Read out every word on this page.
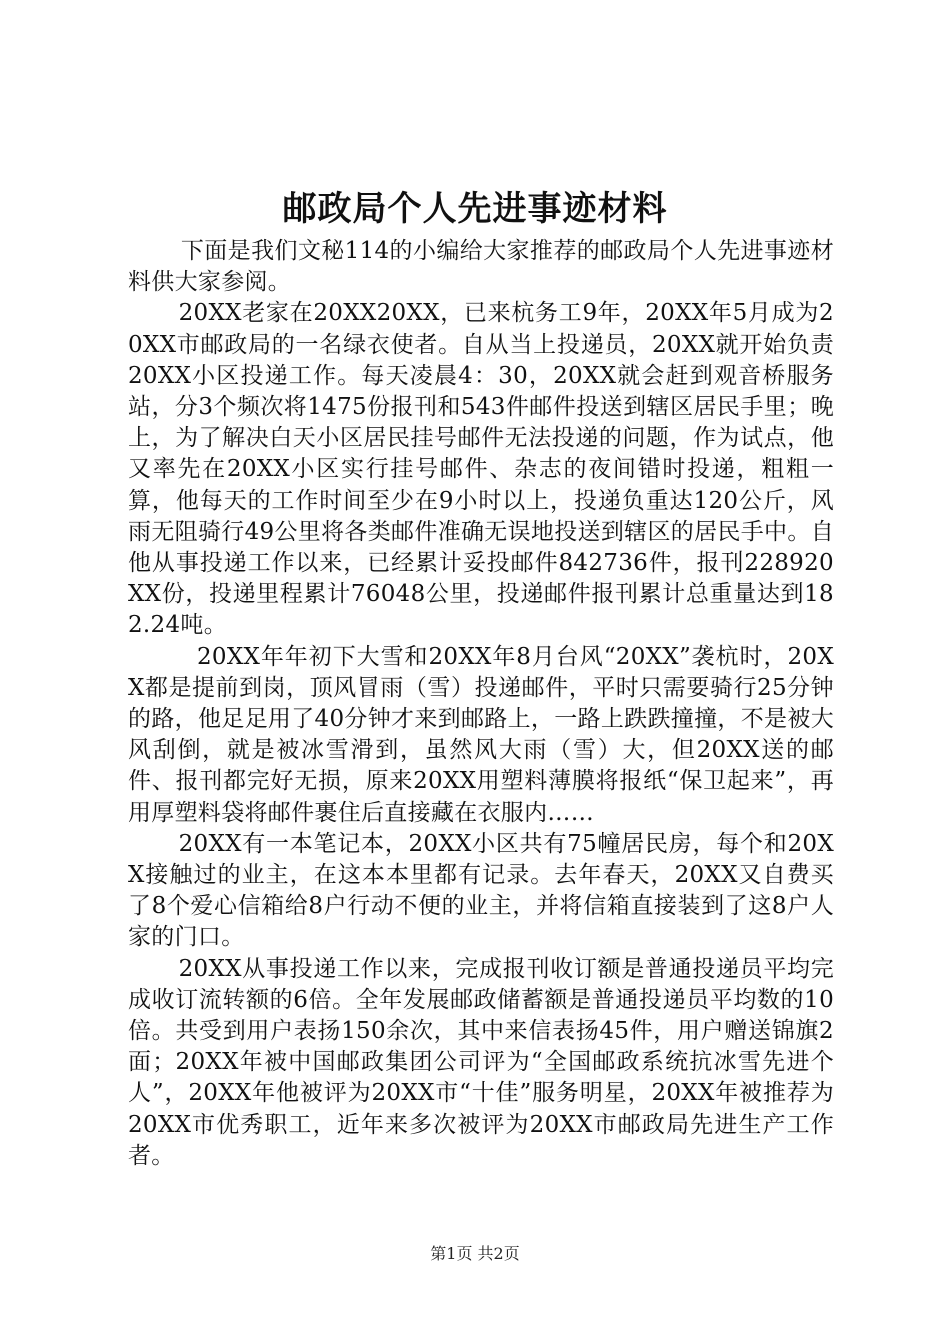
邮政局个人先进事迹材料

下面是我们文秘114的小编给大家推荐的邮政局个人先进事迹材料供大家参阅。

20XX老家在20XX20XX，已来杭务工9年，20XX年5月成为20XX市邮政局的一名绿衣使者。自从当上投递员，20XX就开始负责20XX小区投递工作。每天凌晨4：30，20XX就会赶到观音桥服务站，分3个频次将1475份报刊和543件邮件投送到辖区居民手里；晚上，为了解决白天小区居民挂号邮件无法投递的问题，作为试点，他又率先在20XX小区实行挂号邮件、杂志的夜间错时投递，粗粗一算，他每天的工作时间至少在9小时以上，投递负重达120公斤，风雨无阻骑行49公里将各类邮件准确无误地投送到辖区的居民手中。自他从事投递工作以来，已经累计妥投邮件842736件，报刊228920XX份，投递里程累计76048公里，投递邮件报刊累计总重量达到182.24吨。

20XX年年初下大雪和20XX年8月台风“20XX”袭杭时，20XX都是提前到岗，顶风冒雨（雪）投递邮件，平时只需要骑行25分钟的路，他足足用了40分钟才来到邮路上，一路上跌跌撞撞，不是被大风刮倒，就是被冰雪滑到，虽然风大雨（雪）大，但20XX送的邮件、报刊都完好无损，原来20XX用塑料薄膜将报纸“保卫起来”，再用厚塑料袋将邮件裹住后直接藏在衣服内……

20XX有一本笔记本，20XX小区共有75幢居民房，每个和20XX接触过的业主，在这本本里都有记录。去年春天，20XX又自费买了8个爱心信箱给8户行动不便的业主，并将信箱直接装到了这8户人家的门口。

20XX从事投递工作以来，完成报刊收订额是普通投递员平均完成收订流转额的6倍。全年发展邮政储蓄额是普通投递员平均数的10倍。共受到用户表扬150余次，其中来信表扬45件，用户赠送锦旗2面；20XX年被中国邮政集团公司评为“全国邮政系统抗冰雪先进个人”，20XX年他被评为20XX市“十佳”服务明星，20XX年被推荐为20XX市优秀职工，近年来多次被评为20XX市邮政局先进生产工作者。

第1页 共2页
